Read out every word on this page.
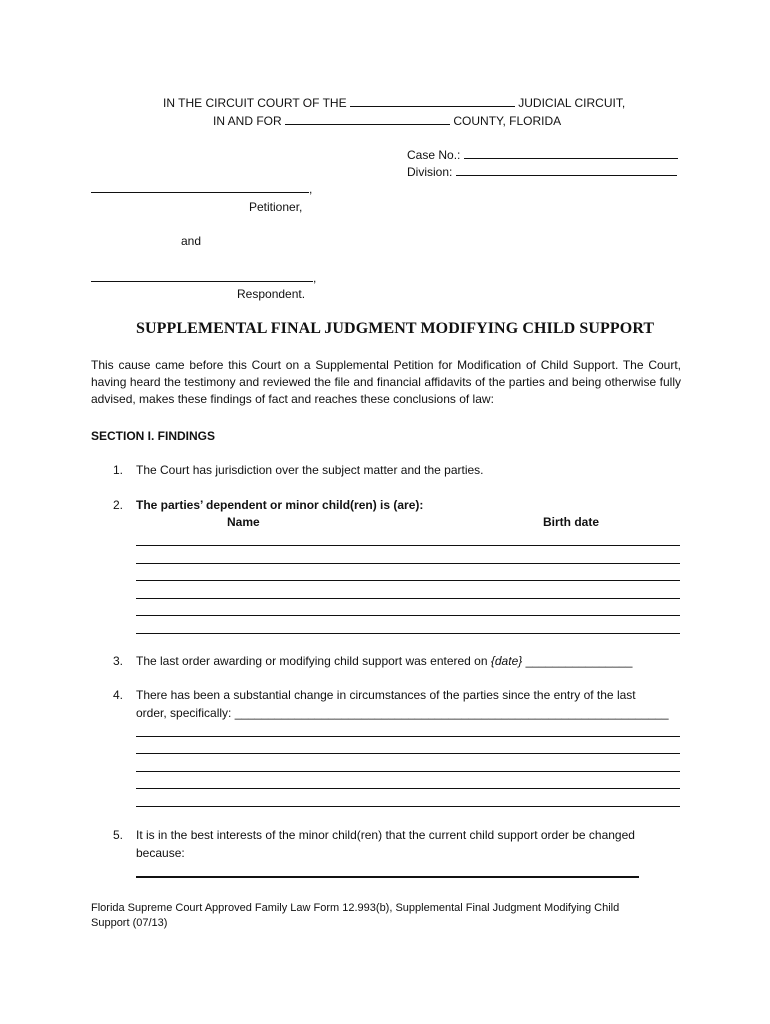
IN THE CIRCUIT COURT OF THE	JUDICIAL CIRCUIT,
IN AND FOR	COUNTY, FLORIDA
Case No.:
Division:
,
Petitioner,
and
,
Respondent.
SUPPLEMENTAL FINAL JUDGMENT MODIFYING CHILD SUPPORT
This cause came before this Court on a Supplemental Petition for Modification of Child Support. The Court, having heard the testimony and reviewed the file and financial affidavits of the parties and being otherwise fully advised, makes these findings of fact and reaches these conclusions of law:
SECTION I. FINDINGS
1. The Court has jurisdiction over the subject matter and the parties.
2. The parties’ dependent or minor child(ren) is (are):
Name	Birth date
3. The last order awarding or modifying child support was entered on {date} ________________
4. There has been a substantial change in circumstances of the parties since the entry of the last
order, specifically: _________________________________________________________________
5. It is in the best interests of the minor child(ren) that the current child support order be changed
because:
Florida Supreme Court Approved Family Law Form 12.993(b), Supplemental Final Judgment Modifying Child Support (07/13)
